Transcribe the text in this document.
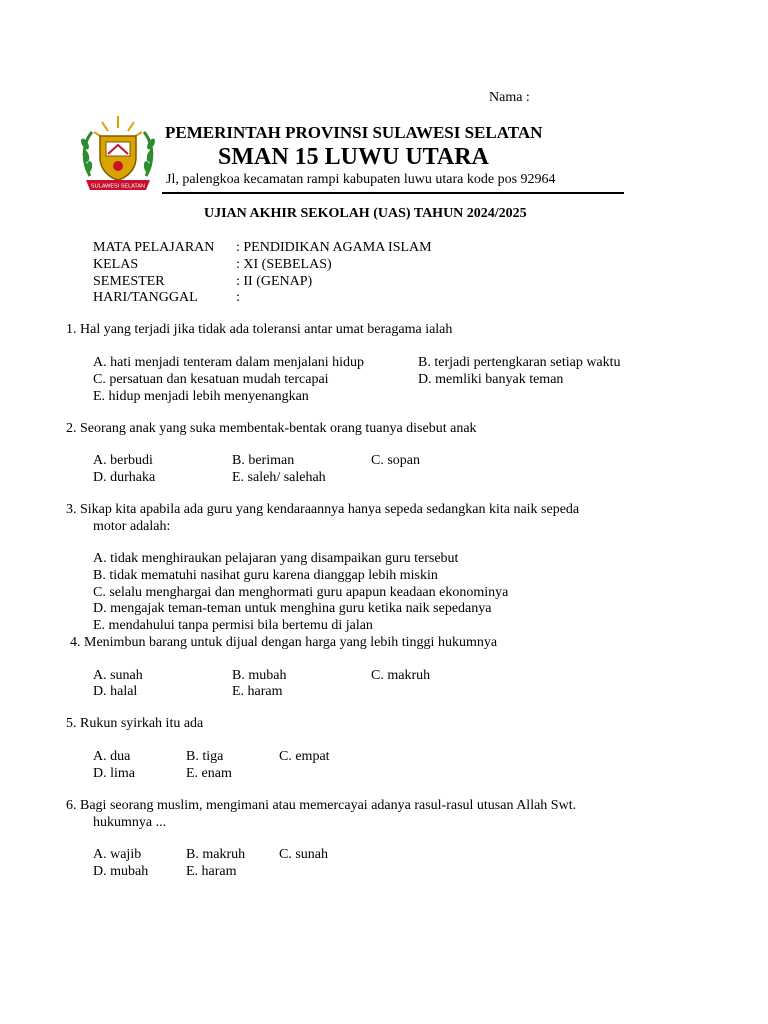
Nama :
SULAWESI SELATAN
PEMERINTAH PROVINSI SULAWESI SELATAN
SMAN 15 LUWU UTARA
Jl, palengkoa kecamatan rampi kabupaten luwu utara kode pos 92964
UJIAN AKHIR SEKOLAH (UAS) TAHUN 2024/2025
MATA PELAJARAN : PENDIDIKAN AGAMA ISLAM
KELAS	: XI (SEBELAS)
SEMESTER	: II (GENAP)
HARI/TANGGAL	:
1. Hal yang terjadi jika tidak ada toleransi antar umat beragama ialah
A. hati menjadi tenteram dalam menjalani hidup	B. terjadi pertengkaran setiap waktu
C. persatuan dan kesatuan mudah tercapai	D. memliki banyak teman
E. hidup menjadi lebih menyenangkan
2. Seorang anak yang suka membentak-bentak orang tuanya disebut anak
A. berbudi	B. beriman	C. sopan
D. durhaka	E. saleh/ salehah
3. Sikap kita apabila ada guru yang kendaraannya hanya sepeda sedangkan kita naik sepeda
motor adalah:
A. tidak menghiraukan pelajaran yang disampaikan guru tersebut
B. tidak mematuhi nasihat guru karena dianggap lebih miskin
C. selalu menghargai dan menghormati guru apapun keadaan ekonominya
D. mengajak teman-teman untuk menghina guru ketika naik sepedanya
E. mendahului tanpa permisi bila bertemu di jalan
4. Menimbun barang untuk dijual dengan harga yang lebih tinggi hukumnya
A. sunah	B. mubah	C. makruh
D. halal	E. haram
5. Rukun syirkah itu ada
A. dua	B. tiga	C. empat
D. lima	E. enam
6. Bagi seorang muslim, mengimani atau memercayai adanya rasul-rasul utusan Allah Swt.
hukumnya ...
A. wajib	B. makruh C. sunah
D. mubah	E. haram
